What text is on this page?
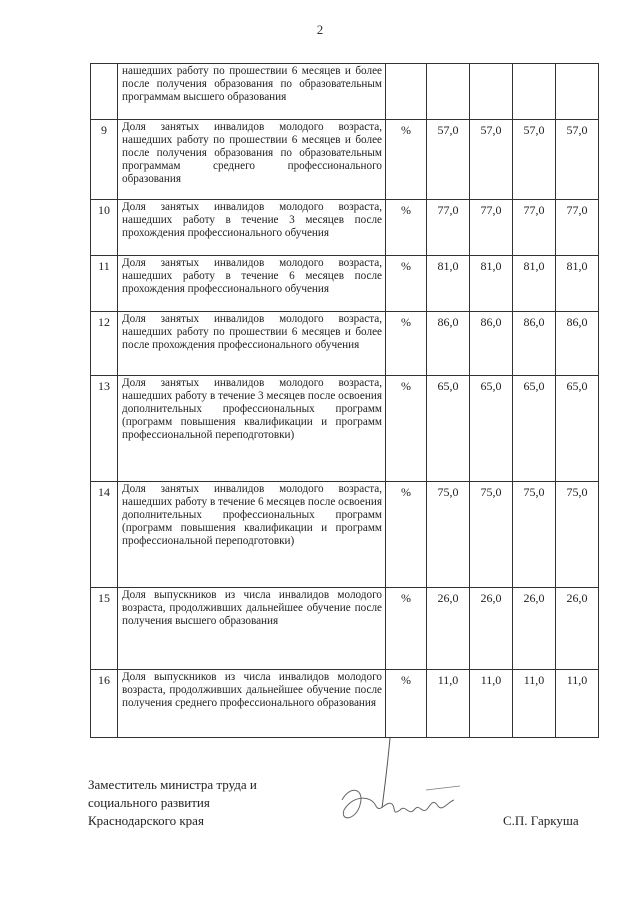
2
	нашедших работу по прошествии 6 месяцев и более после получения образования по образовательным программам высшего образования					
9	Доля занятых инвалидов молодого возраста, нашедших работу по прошествии 6 месяцев и более после получения образования по образовательным программам среднего профессионального образования	%	57,0	57,0	57,0	57,0
10	Доля занятых инвалидов молодого возраста, нашедших работу в течение 3 месяцев после прохождения профессионального обучения	%	77,0	77,0	77,0	77,0
11	Доля занятых инвалидов молодого возраста, нашедших работу в течение 6 месяцев после прохождения профессионального обучения	%	81,0	81,0	81,0	81,0
12	Доля занятых инвалидов молодого возраста, нашедших работу по прошествии 6 месяцев и более после прохождения профессионального обучения	%	86,0	86,0	86,0	86,0
13	Доля занятых инвалидов молодого возраста, нашедших работу в течение 3 месяцев после освоения дополнительных профессиональных программ (программ повышения квалификации и программ профессиональной переподготовки)	%	65,0	65,0	65,0	65,0
14	Доля занятых инвалидов молодого возраста, нашедших работу в течение 6 месяцев после освоения дополнительных профессиональных программ (программ повышения квалификации и программ профессиональной переподготовки)	%	75,0	75,0	75,0	75,0
15	Доля выпускников из числа инвалидов молодого возраста, продолживших дальнейшее обучение после получения высшего образования	%	26,0	26,0	26,0	26,0
16	Доля выпускников из числа инвалидов молодого возраста, продолживших дальнейшее обучение после получения среднего профессионального образования	%	11,0	11,0	11,0	11,0
Заместитель министра труда и
социального развития
Краснодарского края	С.П. Гаркуша
